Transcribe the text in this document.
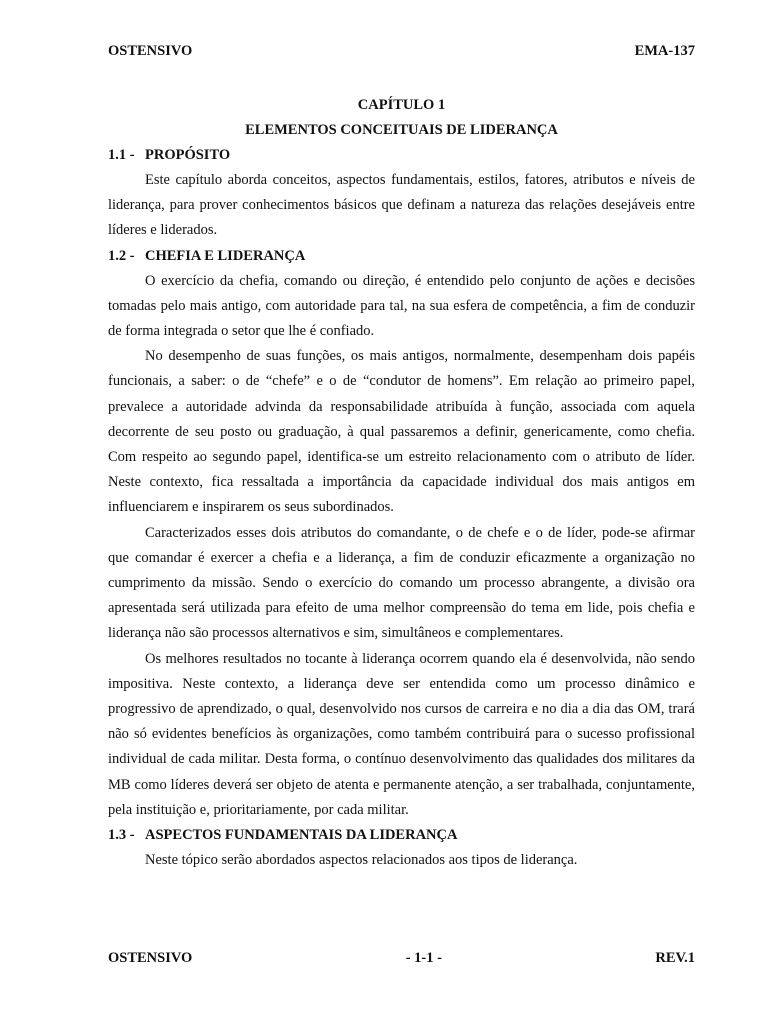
OSTENSIVO	EMA-137
CAPÍTULO 1
ELEMENTOS CONCEITUAIS DE LIDERANÇA
1.1 - PROPÓSITO

Este capítulo aborda conceitos, aspectos fundamentais, estilos, fatores, atributos e níveis de liderança, para prover conhecimentos básicos que definam a natureza das relações desejáveis entre líderes e liderados.

1.2 - CHEFIA E LIDERANÇA

O exercício da chefia, comando ou direção, é entendido pelo conjunto de ações e decisões tomadas pelo mais antigo, com autoridade para tal, na sua esfera de competência, a fim de conduzir de forma integrada o setor que lhe é confiado.

No desempenho de suas funções, os mais antigos, normalmente, desempenham dois papéis funcionais, a saber: o de “chefe” e o de “condutor de homens”. Em relação ao primeiro papel, prevalece a autoridade advinda da responsabilidade atribuída à função, associada com aquela decorrente de seu posto ou graduação, à qual passaremos a definir, genericamente, como chefia. Com respeito ao segundo papel, identifica-se um estreito relacionamento com o atributo de líder. Neste contexto, fica ressaltada a importância da capacidade individual dos mais antigos em influenciarem e inspirarem os seus subordinados.

Caracterizados esses dois atributos do comandante, o de chefe e o de líder, pode-se afirmar que comandar é exercer a chefia e a liderança, a fim de conduzir eficazmente a organização no cumprimento da missão. Sendo o exercício do comando um processo abrangente, a divisão ora apresentada será utilizada para efeito de uma melhor compreensão do tema em lide, pois chefia e liderança não são processos alternativos e sim, simultâneos e complementares.

Os melhores resultados no tocante à liderança ocorrem quando ela é desenvolvida, não sendo impositiva. Neste contexto, a liderança deve ser entendida como um processo dinâmico e progressivo de aprendizado, o qual, desenvolvido nos cursos de carreira e no dia a dia das OM, trará não só evidentes benefícios às organizações, como também contribuirá para o sucesso profissional individual de cada militar. Desta forma, o contínuo desenvolvimento das qualidades dos militares da MB como líderes deverá ser objeto de atenta e permanente atenção, a ser trabalhada, conjuntamente, pela instituição e, prioritariamente, por cada militar.

1.3 - ASPECTOS FUNDAMENTAIS DA LIDERANÇA

Neste tópico serão abordados aspectos relacionados aos tipos de liderança.

OSTENSIVO	- 1-1 -	REV.1
